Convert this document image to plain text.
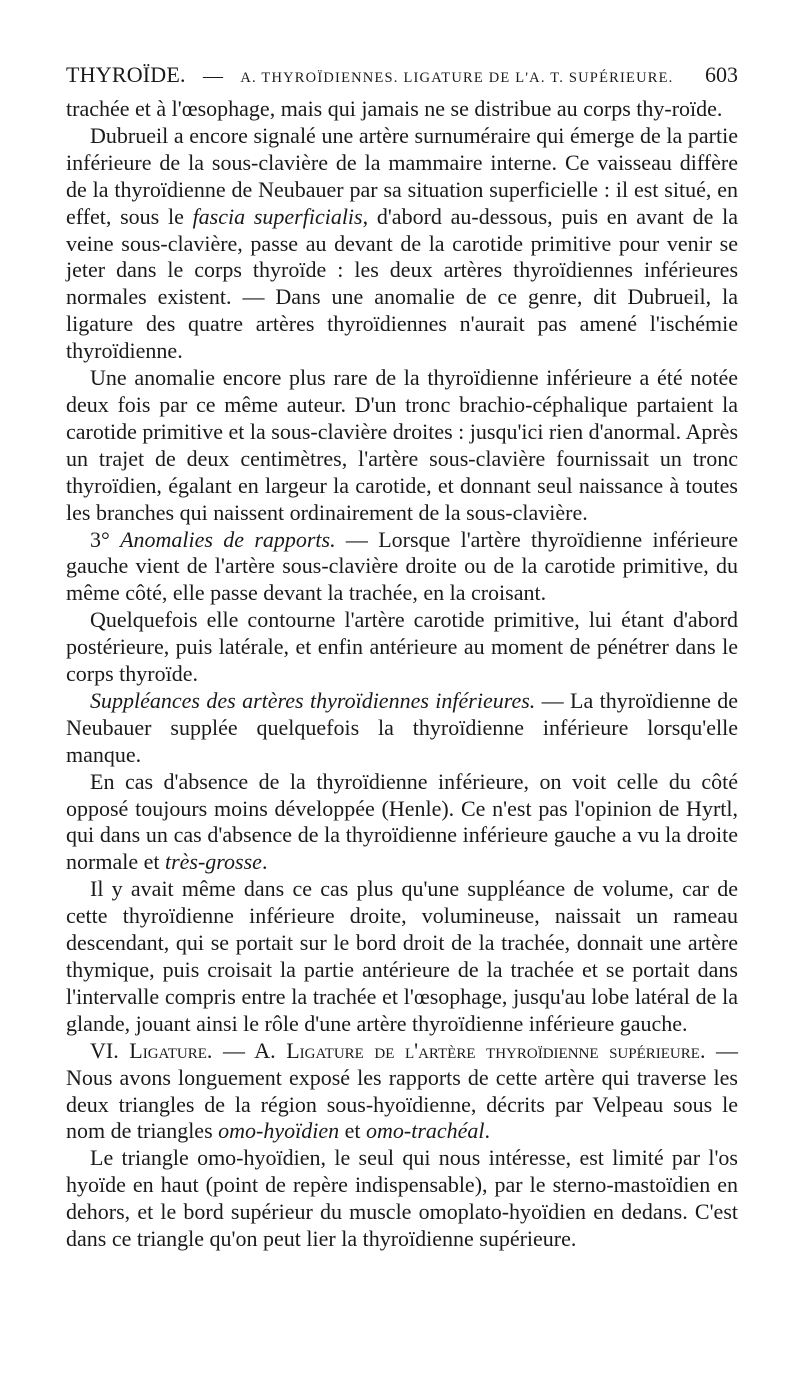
THYROÏDE. — A. THYROÏDIENNES. LIGATURE DE L'A. T. SUPÉRIEURE. 603

trachée et à l'œsophage, mais qui jamais ne se distribue au corps thy-roïde.

Dubrueil a encore signalé une artère surnuméraire qui émerge de la partie inférieure de la sous-clavière de la mammaire interne. Ce vaisseau diffère de la thyroïdienne de Neubauer par sa situation superficielle : il est situé, en effet, sous le fascia superficialis, d'abord au-dessous, puis en avant de la veine sous-clavière, passe au devant de la carotide primitive pour venir se jeter dans le corps thyroïde : les deux artères thyroïdiennes inférieures normales existent. — Dans une anomalie de ce genre, dit Dubrueil, la ligature des quatre artères thyroïdiennes n'aurait pas amené l'ischémie thyroïdienne.

Une anomalie encore plus rare de la thyroïdienne inférieure a été notée deux fois par ce même auteur. D'un tronc brachio-céphalique partaient la carotide primitive et la sous-clavière droites : jusqu'ici rien d'anormal. Après un trajet de deux centimètres, l'artère sous-clavière fournissait un tronc thyroïdien, égalant en largeur la carotide, et donnant seul naissance à toutes les branches qui naissent ordinairement de la sous-clavière.

3° Anomalies de rapports. — Lorsque l'artère thyroïdienne inférieure gauche vient de l'artère sous-clavière droite ou de la carotide primitive, du même côté, elle passe devant la trachée, en la croisant.

Quelquefois elle contourne l'artère carotide primitive, lui étant d'abord postérieure, puis latérale, et enfin antérieure au moment de pénétrer dans le corps thyroïde.

Suppléances des artères thyroïdiennes inférieures. — La thyroïdienne de Neubauer supplée quelquefois la thyroïdienne inférieure lorsqu'elle manque.

En cas d'absence de la thyroïdienne inférieure, on voit celle du côté opposé toujours moins développée (Henle). Ce n'est pas l'opinion de Hyrtl, qui dans un cas d'absence de la thyroïdienne inférieure gauche a vu la droite normale et très-grosse.

Il y avait même dans ce cas plus qu'une suppléance de volume, car de cette thyroïdienne inférieure droite, volumineuse, naissait un rameau descendant, qui se portait sur le bord droit de la trachée, donnait une artère thymique, puis croisait la partie antérieure de la trachée et se portait dans l'intervalle compris entre la trachée et l'œsophage, jusqu'au lobe latéral de la glande, jouant ainsi le rôle d'une artère thyroïdienne inférieure gauche.

VI. Ligature. — A. Ligature de l'artère thyroïdienne supérieure. — Nous avons longuement exposé les rapports de cette artère qui traverse les deux triangles de la région sous-hyoïdienne, décrits par Velpeau sous le nom de triangles omo-hyoïdien et omo-trachéal.

Le triangle omo-hyoïdien, le seul qui nous intéresse, est limité par l'os hyoïde en haut (point de repère indispensable), par le sterno-mastoïdien en dehors, et le bord supérieur du muscle omoplato-hyoïdien en dedans. C'est dans ce triangle qu'on peut lier la thyroïdienne supérieure.
